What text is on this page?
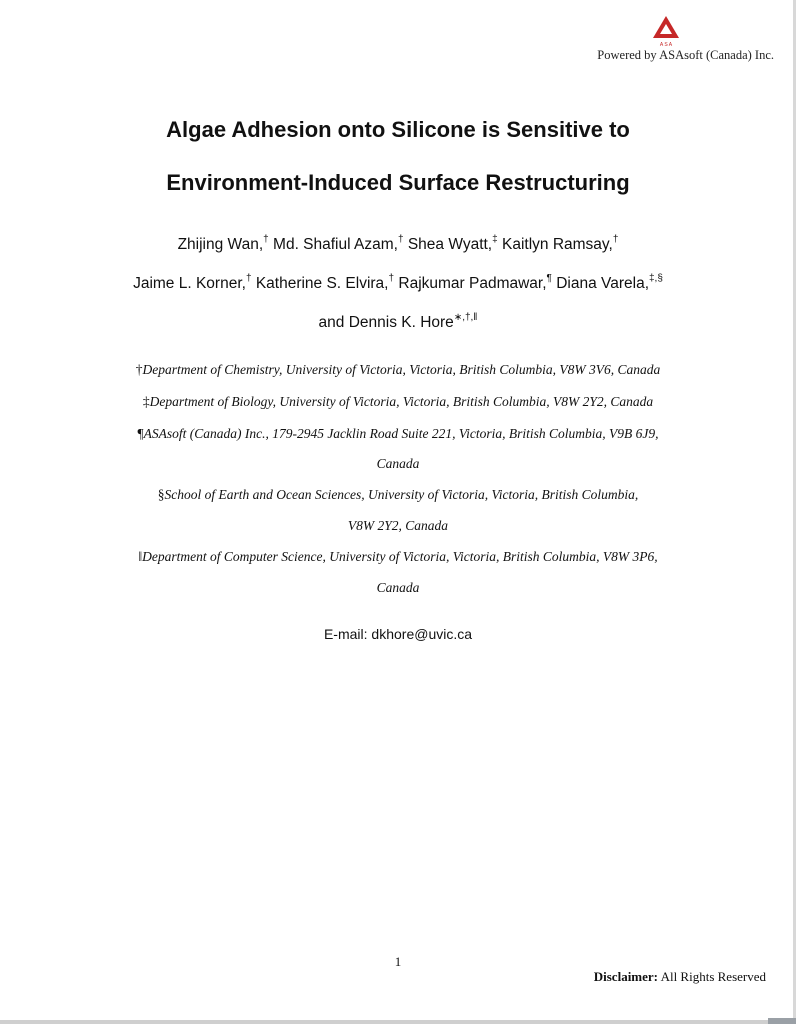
A S A
Powered by ASAsoft (Canada) Inc.
Algae Adhesion onto Silicone is Sensitive to
Environment-Induced Surface Restructuring
Zhijing Wan,† Md. Shafiul Azam,† Shea Wyatt,‡ Kaitlyn Ramsay,†
Jaime L. Korner,† Katherine S. Elvira,† Rajkumar Padmawar,¶ Diana Varela,‡,§
and Dennis K. Hore∗,†,‖
†Department of Chemistry, University of Victoria, Victoria, British Columbia, V8W 3V6, Canada
‡Department of Biology, University of Victoria, Victoria, British Columbia, V8W 2Y2, Canada
¶ASAsoft (Canada) Inc., 179-2945 Jacklin Road Suite 221, Victoria, British Columbia, V9B 6J9,
Canada
§School of Earth and Ocean Sciences, University of Victoria, Victoria, British Columbia,
V8W 2Y2, Canada
‖Department of Computer Science, University of Victoria, Victoria, British Columbia, V8W 3P6,
Canada
E-mail: dkhore@uvic.ca
1
Disclaimer: All Rights Reserved
